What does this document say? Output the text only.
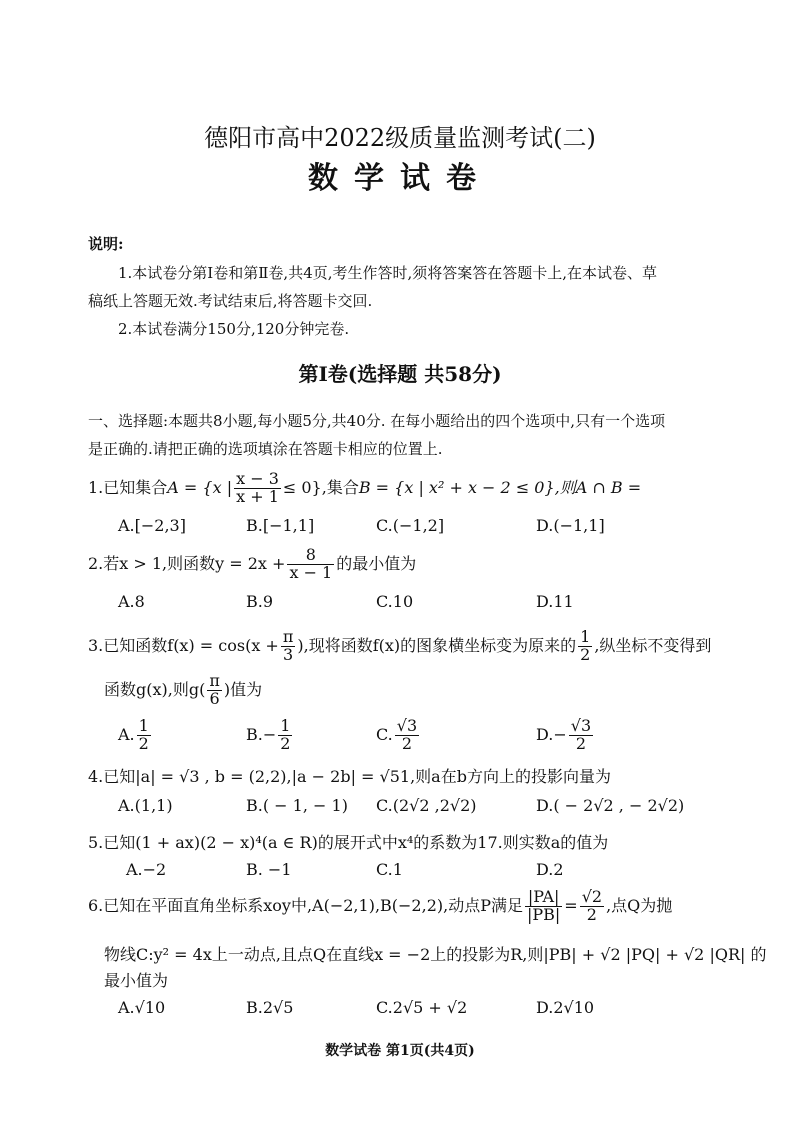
德阳市高中2022级质量监测考试(二)
数学试卷
说明:
1.本试卷分第Ⅰ卷和第Ⅱ卷,共4页,考生作答时,须将答案答在答题卡上,在本试卷、草
稿纸上答题无效.考试结束后,将答题卡交回.
2.本试卷满分150分,120分钟完卷.
第Ⅰ卷(选择题 共58分)
一、选择题:本题共8小题,每小题5分,共40分. 在每小题给出的四个选项中,只有一个选项
是正确的.请把正确的选项填涂在答题卡相应的位置上.
1.已知集合A = {x | $\frac{x - 3}{x + 1} \le 0$},集合B = {x | x² + x − 2 ≤ 0},则A ∩ B =
A.[−2,3]	B.[−1,1]	C.(−1,2]	D.(−1,1]
2.若x > 1,则函数$y = 2x + \frac{8}{x - 1}$ 的最小值为
A.8	B.9	C.10	D.11
3.已知函数$f(x) = \cos(x + \frac{\pi}{3}$ ),现将函数f(x)的图象横坐标变为原来的 $\frac{1}{2}$ ,纵坐标不变得到
函数g(x),则$g( \frac{\pi}{6}$ )值为
A. $\frac{1}{2}$	$B.- \frac{1}{2}$	C. $\frac{√3}{2}$	$D.- \frac{√3}{2}$
4.已知|a| = √3 , b = (2,2),|a − 2b| = √51,则a在b方向上的投影向量为
A.(1,1)	B.( − 1, − 1) C.(2√2 ,2√2)	D.( − 2√2 , − 2√2)
5.已知(1 + ax)(2 − x)⁴(a ∈ R)的展开式中x⁴的系数为17.则实数a的值为
A.−2	B. −1	C.1	D.2
6.已知在平面直角坐标系xoy中,A(−2,1),B(−2,2),动点P满足 $\frac{|PA|}{|PB|} = \frac{√2}{2}$ ,点Q为抛
物线C:y² = 4x上一动点,且点Q在直线x = −2上的投影为R,则|PB| + √2 |PQ| + √2 |QR| 的
最小值为
A.√10	B.2√5	C.2√5 + √2	D.2√10
数学试卷 第1页(共4页)
